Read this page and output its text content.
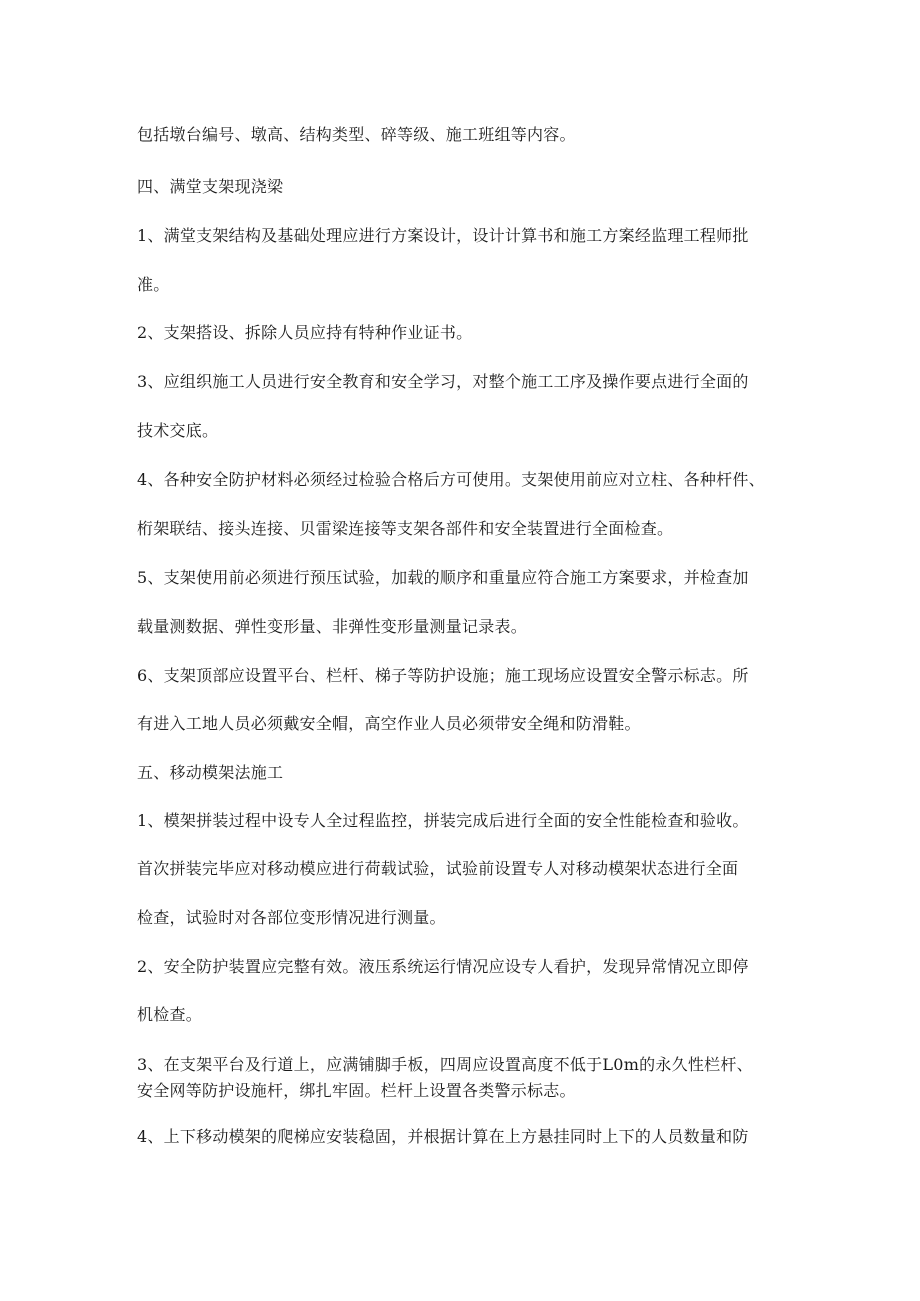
包括墩台编号、墩高、结构类型、碎等级、施工班组等内容。

四、满堂支架现浇梁

1、满堂支架结构及基础处理应进行方案设计，设计计算书和施工方案经监理工程师批

准。

2、支架搭设、拆除人员应持有特种作业证书。

3、应组织施工人员进行安全教育和安全学习，对整个施工工序及操作要点进行全面的

技术交底。

4、各种安全防护材料必须经过检验合格后方可使用。支架使用前应对立柱、各种杆件、

桁架联结、接头连接、贝雷梁连接等支架各部件和安全装置进行全面检查。

5、支架使用前必须进行预压试验，加载的顺序和重量应符合施工方案要求，并检查加

载量测数据、弹性变形量、非弹性变形量测量记录表。

6、支架顶部应设置平台、栏杆、梯子等防护设施；施工现场应设置安全警示标志。所

有进入工地人员必须戴安全帽，高空作业人员必须带安全绳和防滑鞋。

五、移动模架法施工

1、模架拼装过程中设专人全过程监控，拼装完成后进行全面的安全性能检查和验收。

首次拼装完毕应对移动模应进行荷载试验，试验前设置专人对移动模架状态进行全面

检查，试验时对各部位变形情况进行测量。

2、安全防护装置应完整有效。液压系统运行情况应设专人看护，发现异常情况立即停

机检查。

3、在支架平台及行道上，应满铺脚手板，四周应设置高度不低于L0m的永久性栏杆、

安全网等防护设施杆，绑扎牢固。栏杆上设置各类警示标志。

4、上下移动模架的爬梯应安装稳固，并根据计算在上方悬挂同时上下的人员数量和防
